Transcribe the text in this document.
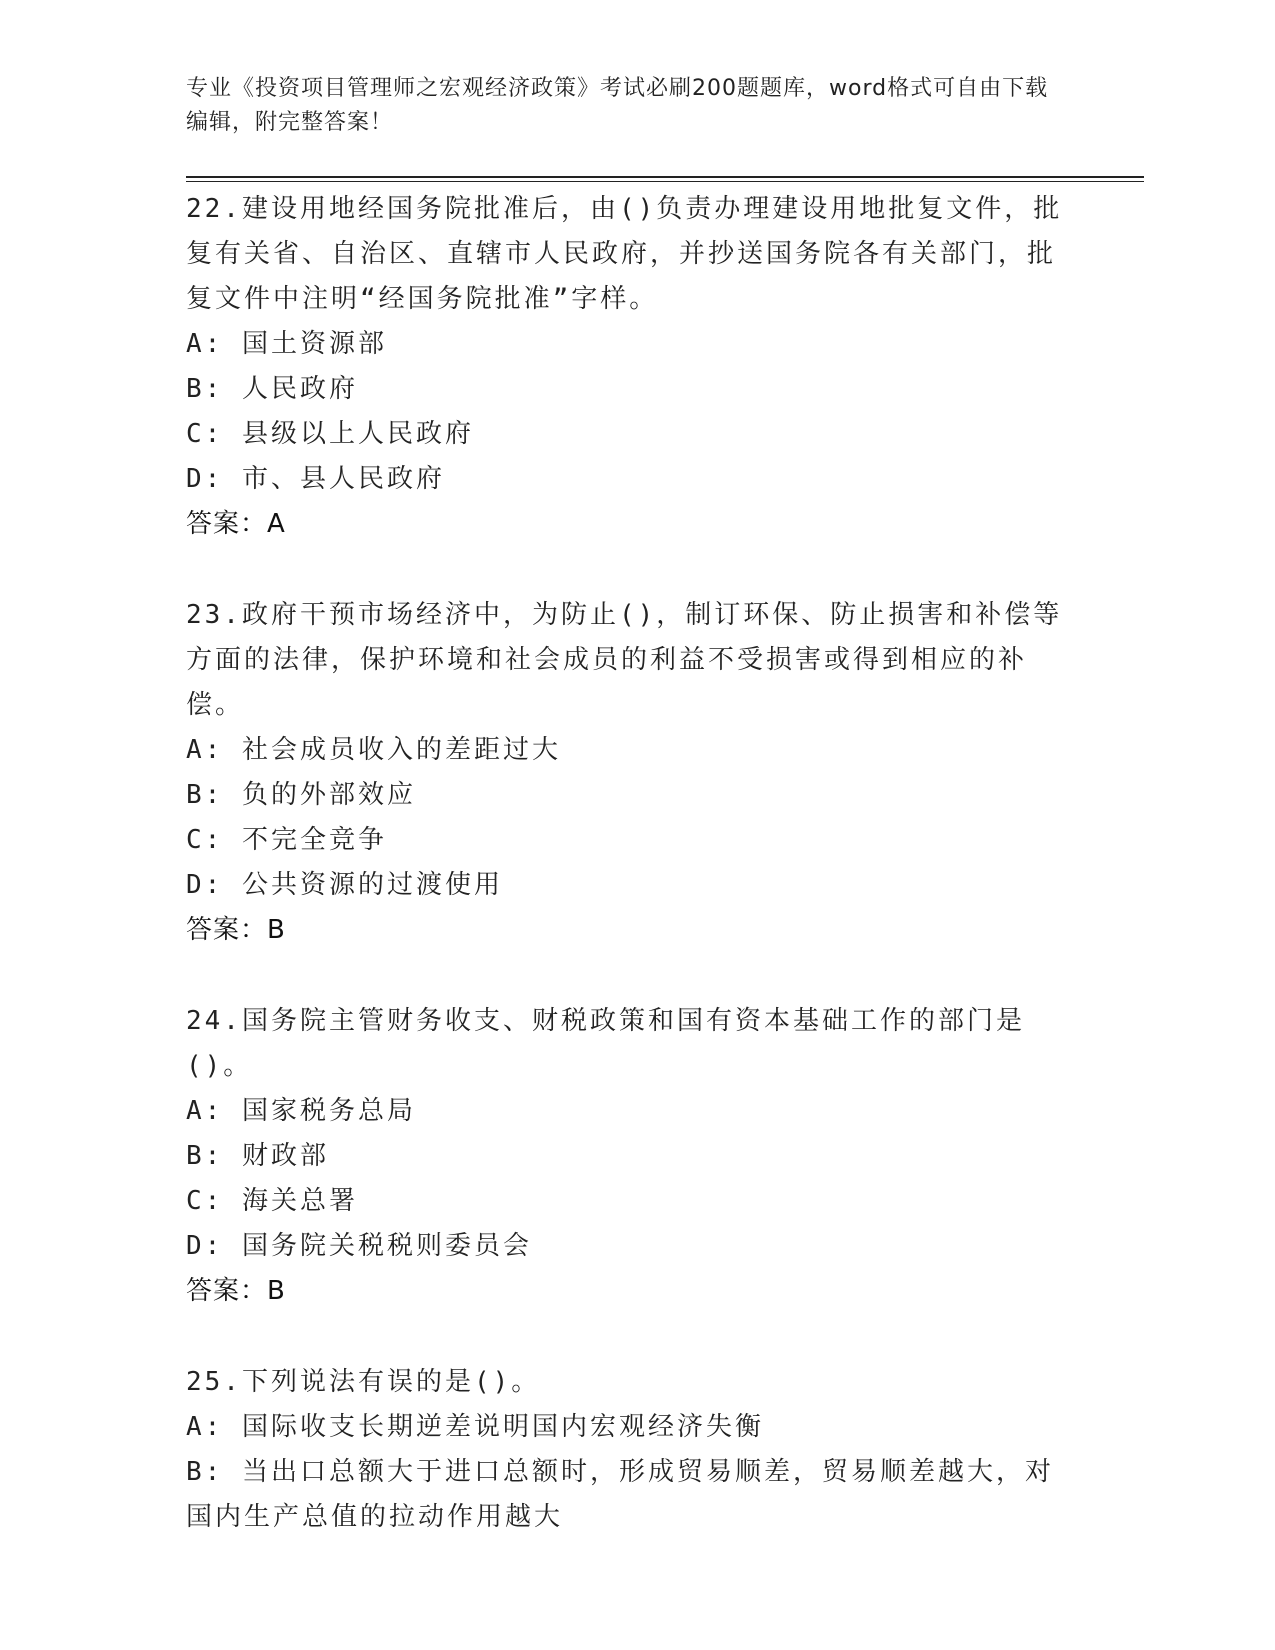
专业《投资项目管理师之宏观经济政策》考试必刷200题题库，word格式可自由下载编辑，附完整答案！
22.建设用地经国务院批准后，由()负责办理建设用地批复文件，批复有关省、自治区、直辖市人民政府，并抄送国务院各有关部门，批复文件中注明“经国务院批准”字样。
A: 国土资源部
B: 人民政府
C: 县级以上人民政府
D: 市、县人民政府
答案：A
23.政府干预市场经济中，为防止()，制订环保、防止损害和补偿等方面的法律，保护环境和社会成员的利益不受损害或得到相应的补偿。
A: 社会成员收入的差距过大
B: 负的外部效应
C: 不完全竞争
D: 公共资源的过渡使用
答案：B
24.国务院主管财务收支、财税政策和国有资本基础工作的部门是()。
A: 国家税务总局
B: 财政部
C: 海关总署
D: 国务院关税税则委员会
答案：B
25.下列说法有误的是()。
A: 国际收支长期逆差说明国内宏观经济失衡
B: 当出口总额大于进口总额时，形成贸易顺差，贸易顺差越大，对国内生产总值的拉动作用越大
